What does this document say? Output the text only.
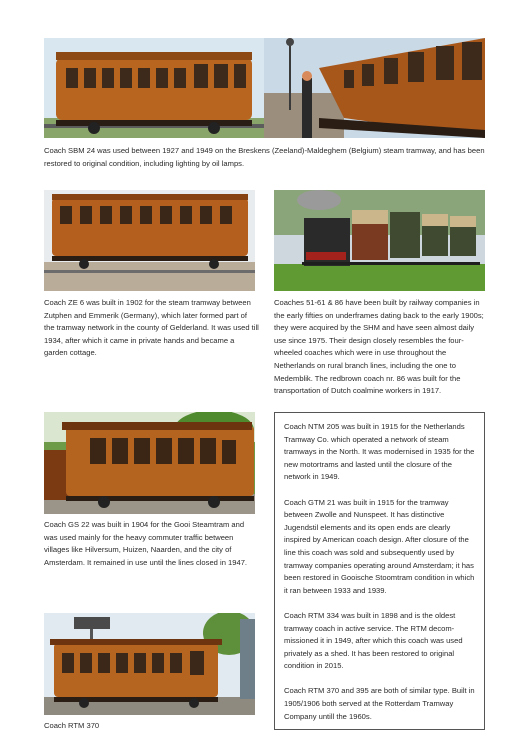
Coach SBM 24 was used between 1927 and 1949 on the Breskens (Zeeland)-Maldeghem (Belgium) steam tramway, and has been restored to original condition, including lighting by oil lamps.

Coach ZE 6 was built in 1902 for the steam tramway between Zutphen and Emmerik (Germany), which later formed part of the tramway network in the county of Gelderland. It was used till 1934, after which it came in private hands and became a garden cottage.

Coaches 51-61 & 86 have been built by railway companies in the early fifties on underframes dating back to the early 1900s; they were acquired by the SHM and have seen almost daily use since 1975. Their design closely resembles the four-wheeled coaches which were in use throughout the Netherlands on rural branch lines, including the one to Medemblik. The redbrown coach nr. 86 was built for the transportation of Dutch coalmine workers in 1917.

Coach GS 22 was built in 1904 for the Gooi Steamtram and was used mainly for the heavy commuter traffic between villages like Hilversum, Huizen, Naarden, and the city of Amsterdam. It remained in use until the lines closed in 1947.

Coach RTM 370

Coach NTM 205 was built in 1915 for the Netherlands Tramway Co. which operated a network of steam tramways in the North. It was modernised in 1935 for the new motortrams and lasted until the closure of the network in 1949.

Coach GTM 21 was built in 1915 for the tramway between Zwolle and Nunspeet. It has distinctive Jugendstil elements and its open ends are clearly inspired by American coach design. After closure of the line this coach was sold and subsequently used by tramway companies operating around Amsterdam; it has been restored in Gooische Stoomtram condition in which it ran between 1933 and 1939.

Coach RTM 334 was built in 1898 and is the oldest tramway coach in active service. The RTM decom-missioned it in 1949, after which this coach was used privately as a shed. It has been restored to original condition in 2015.

Coach RTM 370 and 395 are both of similar type. Built in 1905/1906 both served at the Rotterdam Tramway Company untill the 1960s.
